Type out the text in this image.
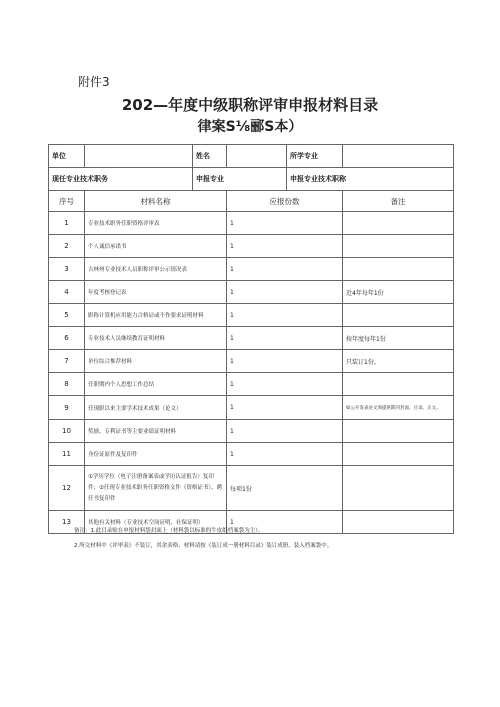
附件3
202—年度中级职称评审申报材料目录
律案S⅛郦S本）
单位		姓名		所学专业	
现任专业技术职务		申报专业		申报专业技术职称	
序号	材料名称		应报份数		备注
1	专业技术职务任职资格评审表		1		
2	个人诚信承诺书		1		
3	吉林州专业技术人员职称评审公示情况表		1		
4	年度考核登记表		1		近4年每年1份
5	职称计算机应用能力合格证或不作要求证明材料		1		
6	专业技术人员继续教育证明材料		1		按年度每年1份
7	单位综合推荐材料		1		只装订1份。
8	任职期内个人思想工作总结		1		
9	任现职以来主要学术技术成果（论文）		1		如公开发表论文须提供期刊封面、目录、正文。
10	奖励、专利证书等主要业绩证明材料		1		
11	身份证原件及复印件		1		
12	①学历学位（电子注册备案表或学历认证报告）复印件；②任现专业技术职务任职资格文件（资格证书）、聘任书复印件		每项1份		
13	其他有关材料（专业技术空岗证明、社保证明）		1		
备注：1.此目录贴在申报材料袋封面上（材料袋以标准的牛皮纸档案袋为主）。
2.所交材料中《评审表》不装订，其余表格、材料请按《装订成一册材料目录》装订成册，装入档案袋中。
